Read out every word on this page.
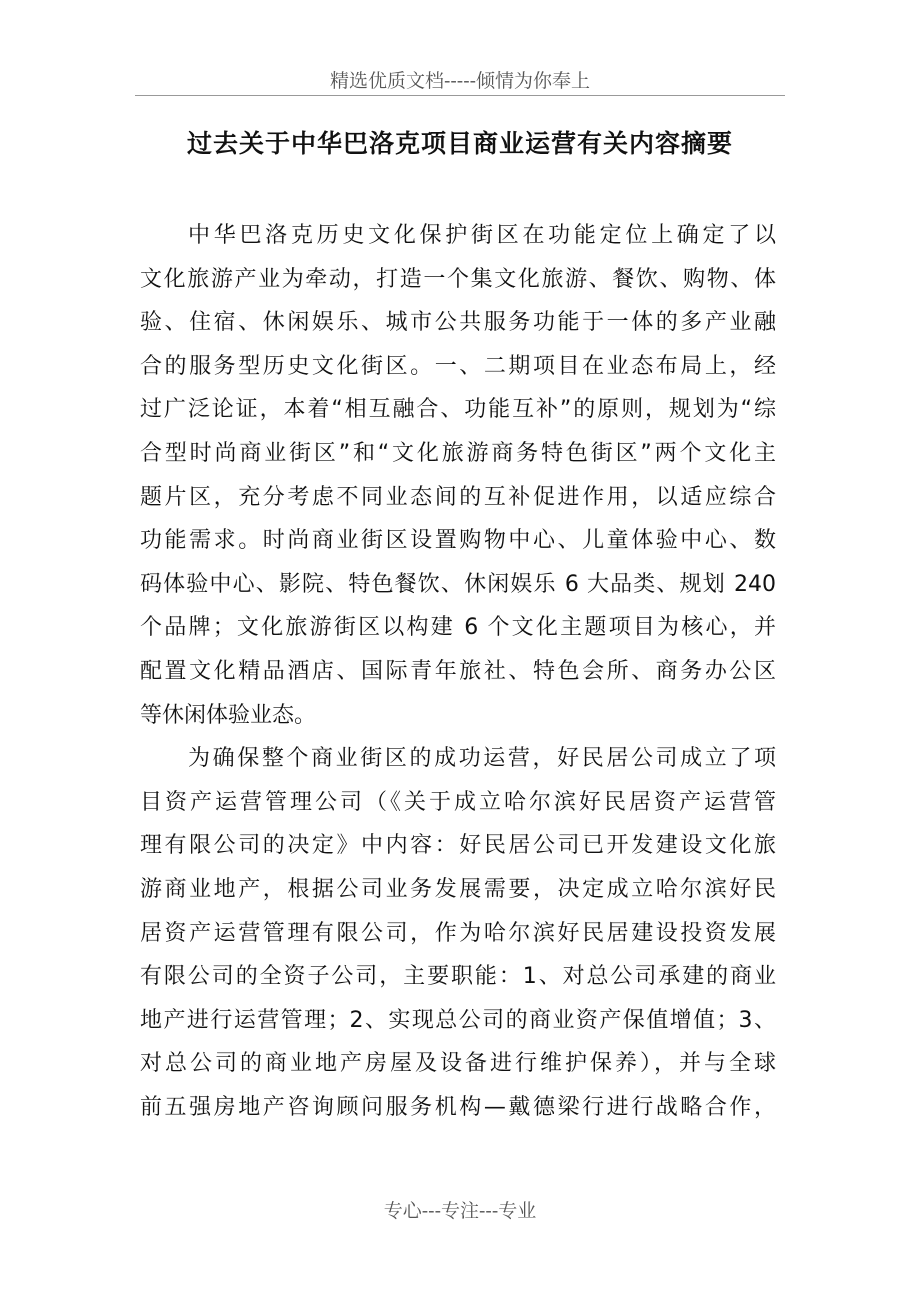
精选优质文档-----倾情为你奉上
过去关于中华巴洛克项目商业运营有关内容摘要
中华巴洛克历史文化保护街区在功能定位上确定了以
文化旅游产业为牵动，打造一个集文化旅游、餐饮、购物、体
验、住宿、休闲娱乐、城市公共服务功能于一体的多产业融
合的服务型历史文化街区。一、二期项目在业态布局上，经
过广泛论证，本着“相互融合、功能互补”的原则，规划为“综
合型时尚商业街区”和“文化旅游商务特色街区”两个文化主
题片区，充分考虑不同业态间的互补促进作用，以适应综合
功能需求。时尚商业街区设置购物中心、儿童体验中心、数
码体验中心、影院、特色餐饮、休闲娱乐 6 大品类、规划 240
个品牌；文化旅游街区以构建 6 个文化主题项目为核心，并
配置文化精品酒店、国际青年旅社、特色会所、商务办公区
等休闲体验业态。
为确保整个商业街区的成功运营，好民居公司成立了项
目资产运营管理公司（《关于成立哈尔滨好民居资产运营管
理有限公司的决定》中内容：好民居公司已开发建设文化旅
游商业地产，根据公司业务发展需要，决定成立哈尔滨好民
居资产运营管理有限公司，作为哈尔滨好民居建设投资发展
有限公司的全资子公司，主要职能：1、对总公司承建的商业
地产进行运营管理；2、实现总公司的商业资产保值增值；3、
对总公司的商业地产房屋及设备进行维护保养），并与全球
前五强房地产咨询顾问服务机构—戴德梁行进行战略合作，
专心---专注---专业
